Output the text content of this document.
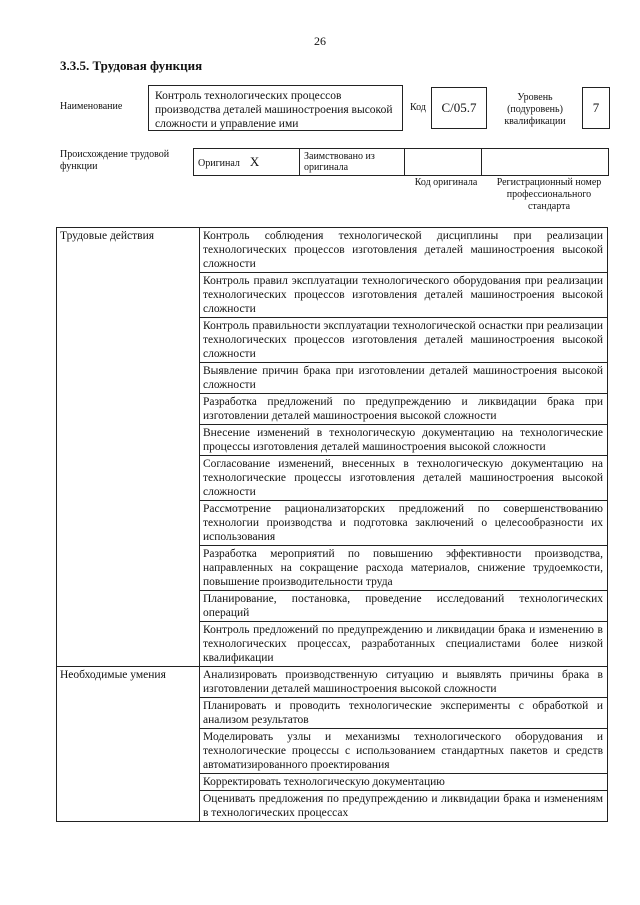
26
3.3.5. Трудовая функция
Наименование
Контроль технологических процессов производства деталей машиностроения высокой сложности и управление ими
Код	С/05.7
Уровень (подуровень) квалификации
7
Происхождение трудовой функции	Оригинал X	Заимствовано из оригинала		
Код оригинала	Регистрационный номер профессионального стандарта
Трудовые действия	Контроль соблюдения технологической дисциплины при реализации технологических процессов изготовления деталей машиностроения высокой сложности
	Контроль правил эксплуатации технологического оборудования при реализации технологических процессов изготовления деталей машиностроения высокой сложности
	Контроль правильности эксплуатации технологической оснастки при реализации технологических процессов изготовления деталей машиностроения высокой сложности
	Выявление причин брака при изготовлении деталей машиностроения высокой сложности
	Разработка предложений по предупреждению и ликвидации брака при изготовлении деталей машиностроения высокой сложности
	Внесение изменений в технологическую документацию на технологические процессы изготовления деталей машиностроения высокой сложности
	Согласование изменений, внесенных в технологическую документацию на технологические процессы изготовления деталей машиностроения высокой сложности
	Рассмотрение рационализаторских предложений по совершенствованию технологии производства и подготовка заключений о целесообразности их использования
	Разработка мероприятий по повышению эффективности производства, направленных на сокращение расхода материалов, снижение трудоемкости, повышение производительности труда
	Планирование, постановка, проведение исследований технологических операций
	Контроль предложений по предупреждению и ликвидации брака и изменению в технологических процессах, разработанных специалистами более низкой квалификации
Необходимые умения	Анализировать производственную ситуацию и выявлять причины брака в изготовлении деталей машиностроения высокой сложности
	Планировать и проводить технологические эксперименты с обработкой и анализом результатов
	Моделировать узлы и механизмы технологического оборудования и технологические процессы с использованием стандартных пакетов и средств автоматизированного проектирования
	Корректировать технологическую документацию
	Оценивать предложения по предупреждению и ликвидации брака и изменениям в технологических процессах
